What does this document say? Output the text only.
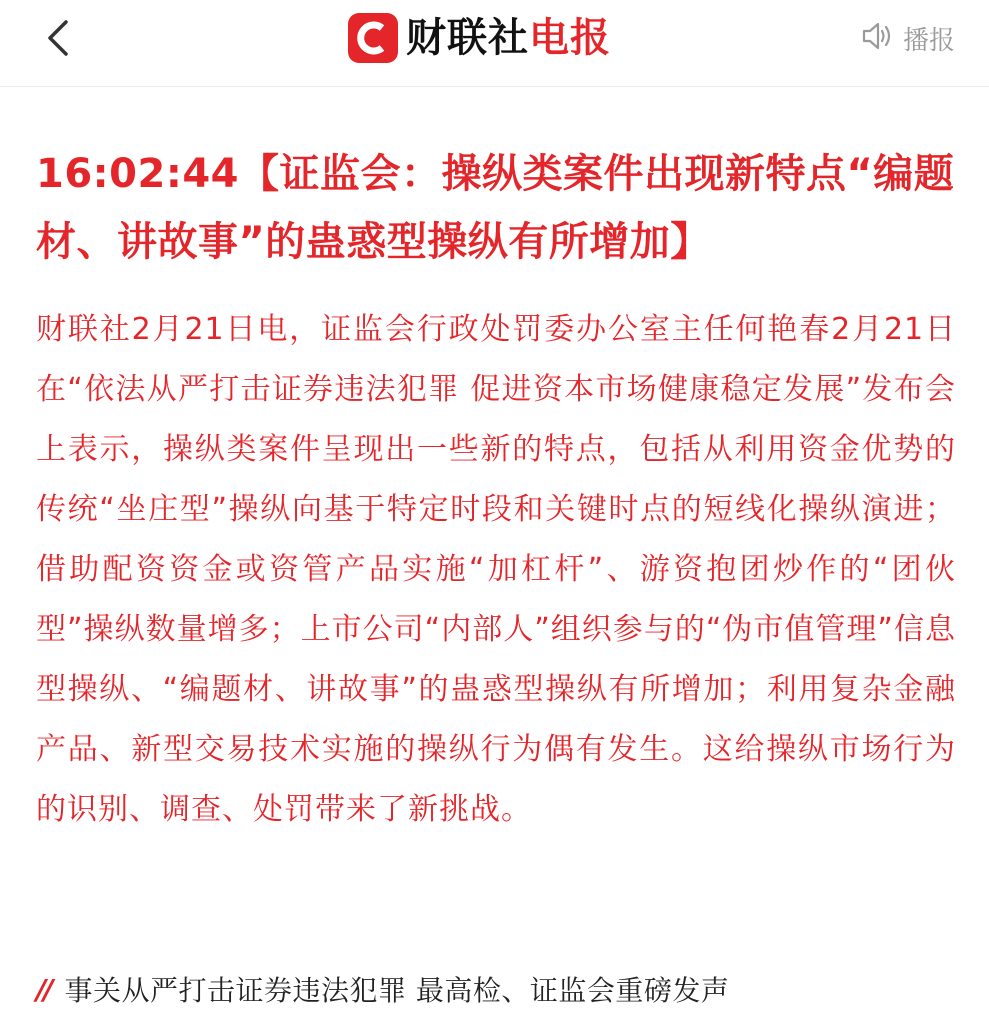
财联社电报	播报
16:02:44【证监会：操纵类案件出现新特点“编题材、讲故事”的蛊惑型操纵有所增加】

财联社2月21日电，证监会行政处罚委办公室主任何艳春2月21日在“依法从严打击证券违法犯罪 促进资本市场健康稳定发展”发布会上表示，操纵类案件呈现出一些新的特点，包括从利用资金优势的传统“坐庄型”操纵向基于特定时段和关键时点的短线化操纵演进；借助配资资金或资管产品实施“加杠杆”、游资抱团炒作的“团伙型”操纵数量增多；上市公司“内部人”组织参与的“伪市值管理”信息型操纵、“编题材、讲故事”的蛊惑型操纵有所增加；利用复杂金融产品、新型交易技术实施的操纵行为偶有发生。这给操纵市场行为的识别、调查、处罚带来了新挑战。

// 事关从严打击证券违法犯罪 最高检、证监会重磅发声
